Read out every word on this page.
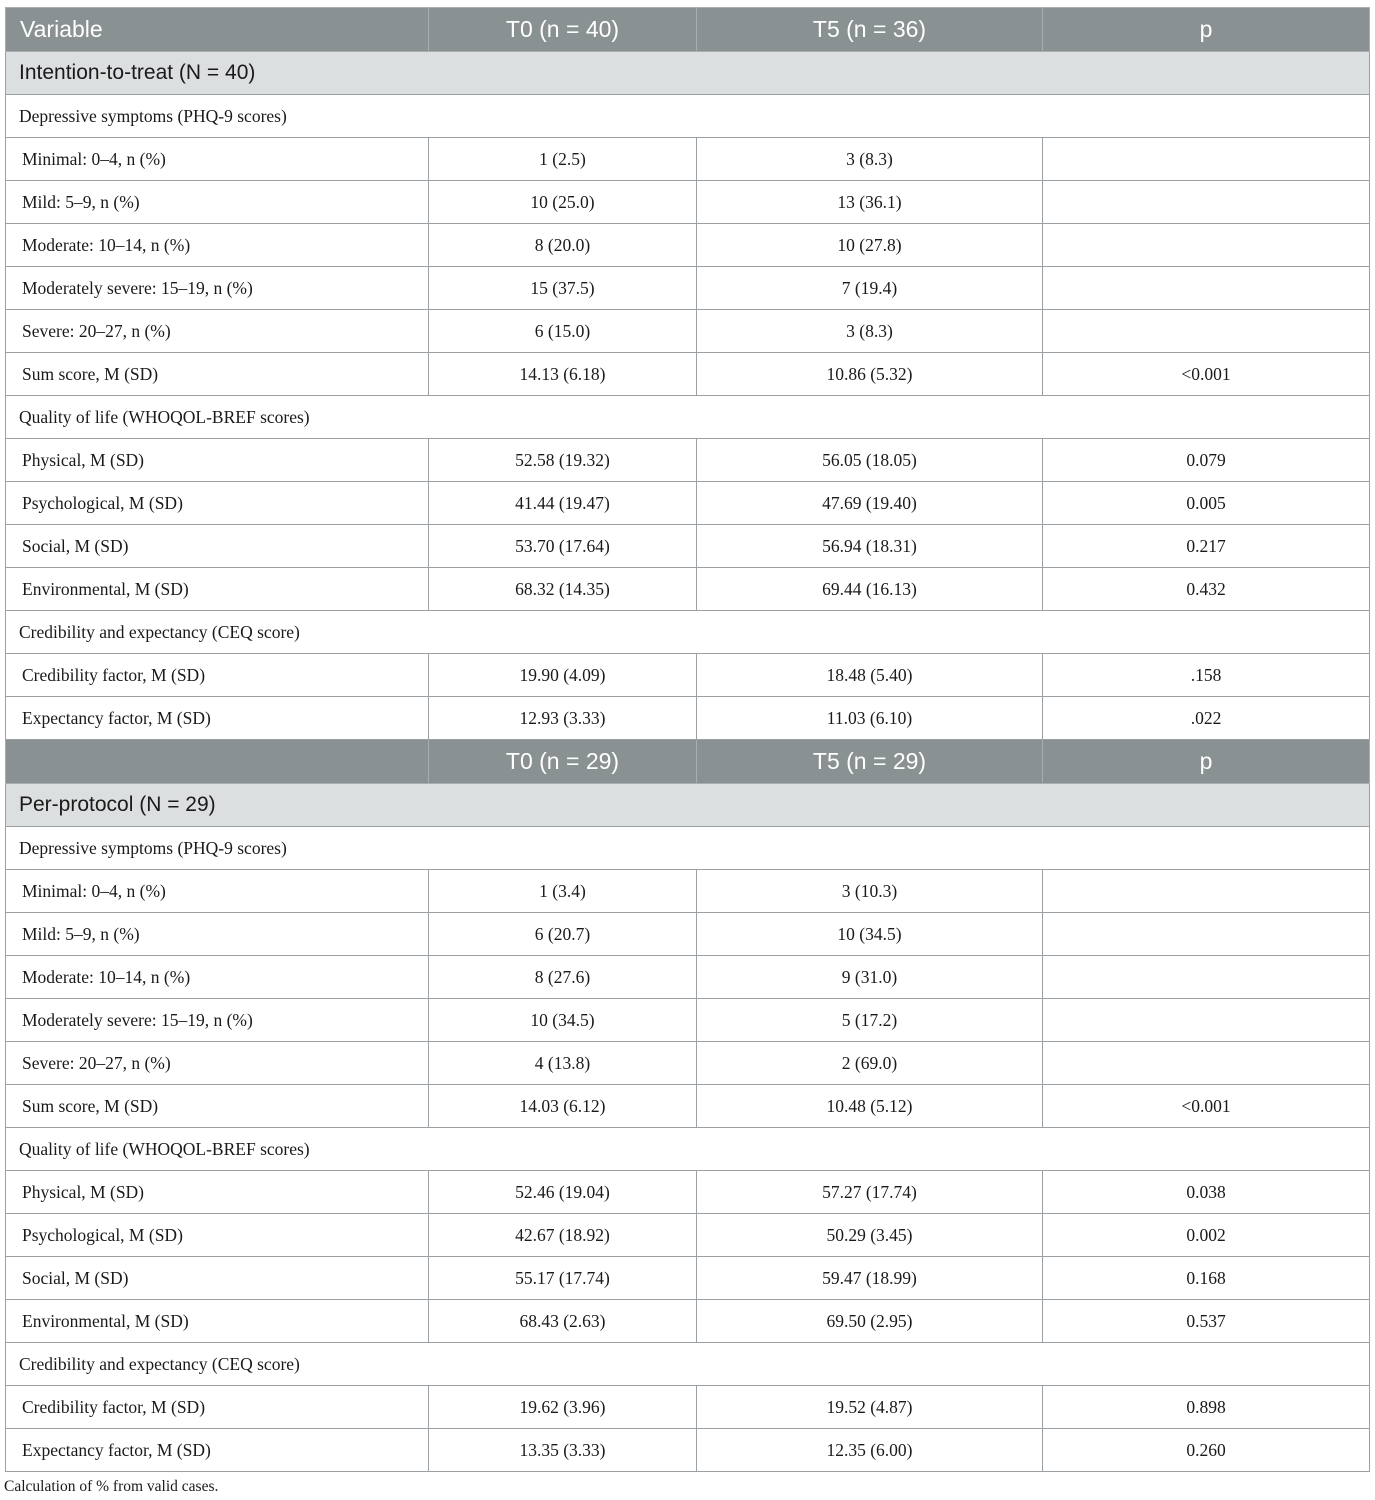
Variable	T0 (n = 40)	T5 (n = 36)	p
Intention-to-treat (N = 40)			
Depressive symptoms (PHQ-9 scores)			
Minimal: 0–4, n (%)	1 (2.5)	3 (8.3)	
Mild: 5–9, n (%)	10 (25.0)	13 (36.1)	
Moderate: 10–14, n (%)	8 (20.0)	10 (27.8)	
Moderately severe: 15–19, n (%)	15 (37.5)	7 (19.4)	
Severe: 20–27, n (%)	6 (15.0)	3 (8.3)	
Sum score, M (SD)	14.13 (6.18)	10.86 (5.32)	<0.001
Quality of life (WHOQOL-BREF scores)			
Physical, M (SD)	52.58 (19.32)	56.05 (18.05)	0.079
Psychological, M (SD)	41.44 (19.47)	47.69 (19.40)	0.005
Social, M (SD)	53.70 (17.64)	56.94 (18.31)	0.217
Environmental, M (SD)	68.32 (14.35)	69.44 (16.13)	0.432
Credibility and expectancy (CEQ score)			
Credibility factor, M (SD)	19.90 (4.09)	18.48 (5.40)	.158
Expectancy factor, M (SD)	12.93 (3.33)	11.03 (6.10)	.022
	T0 (n = 29)	T5 (n = 29)	p
Per-protocol (N = 29)			
Depressive symptoms (PHQ-9 scores)			
Minimal: 0–4, n (%)	1 (3.4)	3 (10.3)	
Mild: 5–9, n (%)	6 (20.7)	10 (34.5)	
Moderate: 10–14, n (%)	8 (27.6)	9 (31.0)	
Moderately severe: 15–19, n (%)	10 (34.5)	5 (17.2)	
Severe: 20–27, n (%)	4 (13.8)	2 (69.0)	
Sum score, M (SD)	14.03 (6.12)	10.48 (5.12)	<0.001
Quality of life (WHOQOL-BREF scores)			
Physical, M (SD)	52.46 (19.04)	57.27 (17.74)	0.038
Psychological, M (SD)	42.67 (18.92)	50.29 (3.45)	0.002
Social, M (SD)	55.17 (17.74)	59.47 (18.99)	0.168
Environmental, M (SD)	68.43 (2.63)	69.50 (2.95)	0.537
Credibility and expectancy (CEQ score)			
Credibility factor, M (SD)	19.62 (3.96)	19.52 (4.87)	0.898
Expectancy factor, M (SD)	13.35 (3.33)	12.35 (6.00)	0.260
Calculation of % from valid cases.
